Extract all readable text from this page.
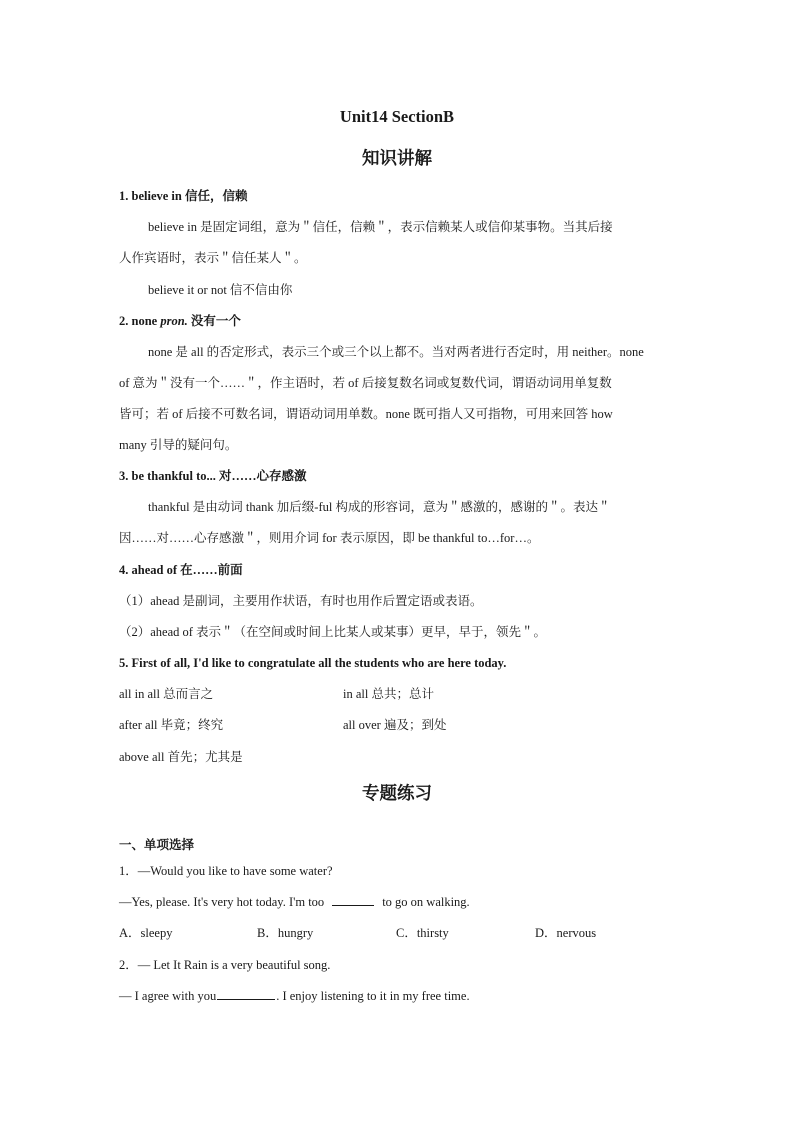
Unit14 SectionB
知识讲解
1. believe in 信任，信赖
believe in 是固定词组，意为＂信任，信赖＂，表示信赖某人或信仰某事物。当其后接
人作宾语时，表示＂信任某人＂。
believe it or not 信不信由你
2. none pron. 没有一个
none 是 all 的否定形式，表示三个或三个以上都不。当对两者进行否定时，用 neither。none
of 意为＂没有一个……＂，作主语时，若 of 后接复数名词或复数代词，谓语动词用单复数
皆可；若 of 后接不可数名词，谓语动词用单数。none 既可指人又可指物，可用来回答 how
many 引导的疑问句。
3. be thankful to... 对……心存感激
thankful 是由动词 thank 加后缀-ful 构成的形容词，意为＂感激的，感谢的＂。表达＂
因……对……心存感激＂，则用介词 for 表示原因，即 be thankful to…for…。
4. ahead of 在……前面
（1）ahead 是副词，主要用作状语，有时也用作后置定语或表语。
（2）ahead of 表示＂（在空间或时间上比某人或某事）更早，早于，领先＂。
5. First of all, I'd like to congratulate all the students who are here today.
all in all 总而言之	in all 总共；总计
after all 毕竟；终究	all over 遍及；到处
above all 首先；尤其是
专题练习
一、单项选择
1．—Would you like to have some water?
—Yes, please. It's very hot today. I'm too	to go on walking.
A．sleepy	B．hungry	C．thirsty	D．nervous
2．— Let It Rain is a very beautiful song.
— I agree with you	. I enjoy listening to it in my free time.
